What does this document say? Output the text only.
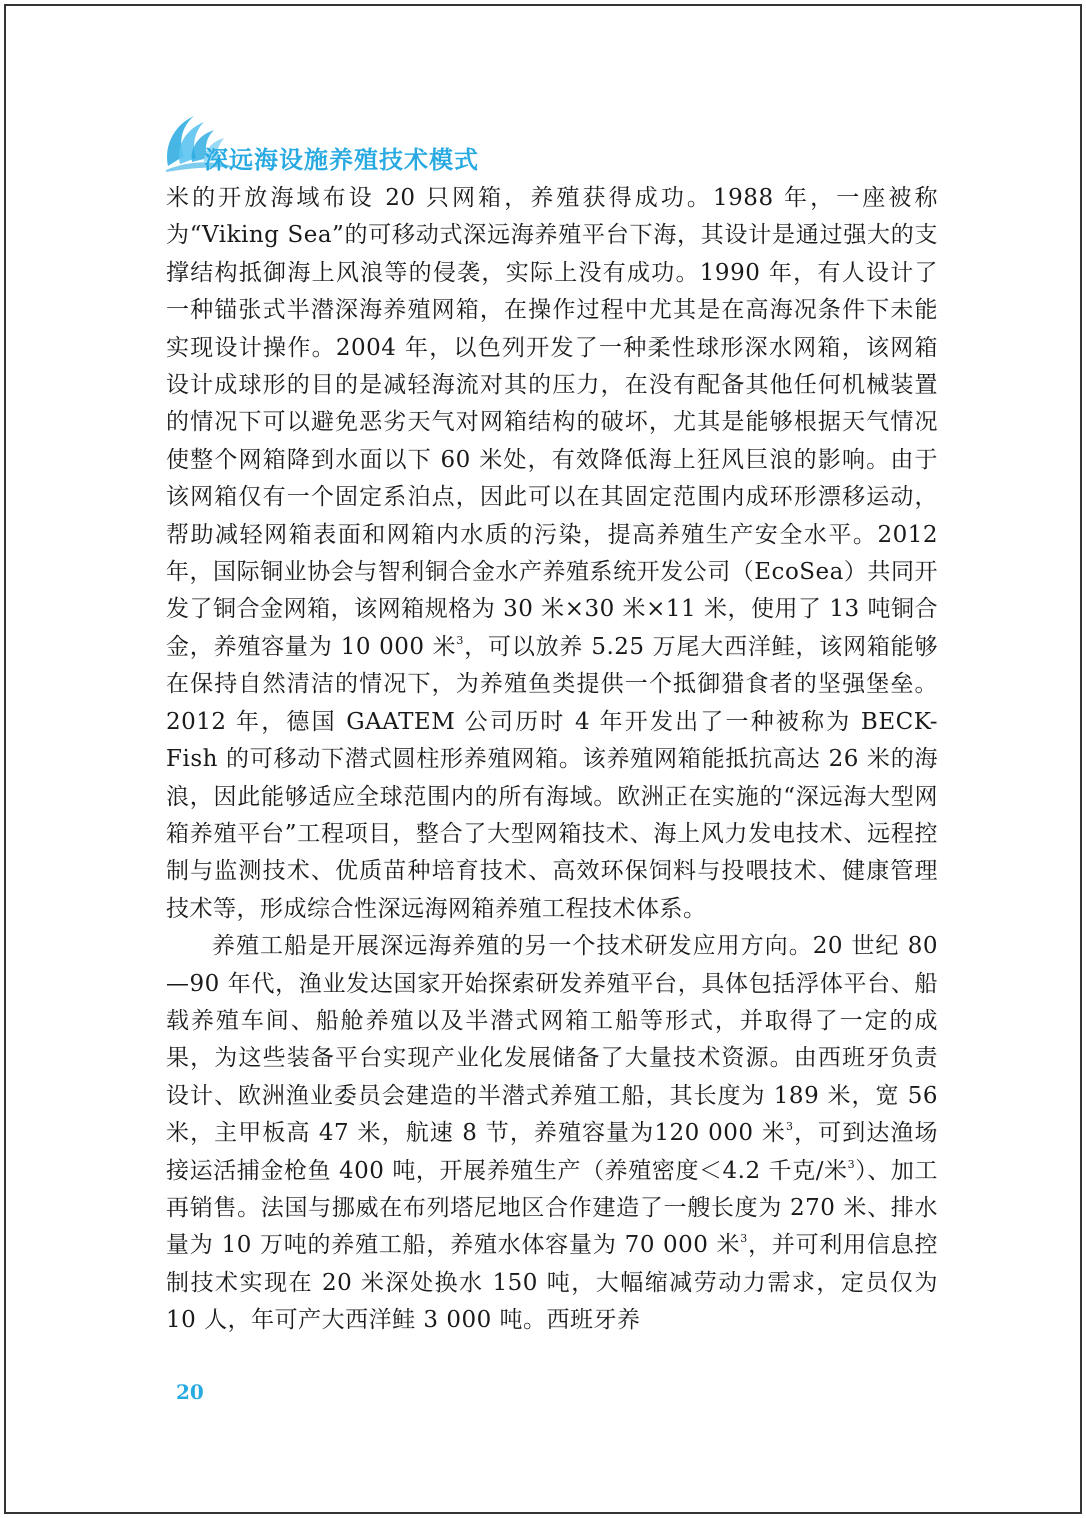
深远海设施养殖技术模式

米的开放海域布设 20 只网箱，养殖获得成功。1988 年，一座被称为“Viking Sea”的可移动式深远海养殖平台下海，其设计是通过强大的支撑结构抵御海上风浪等的侵袭，实际上没有成功。1990 年，有人设计了一种锚张式半潜深海养殖网箱，在操作过程中尤其是在高海况条件下未能实现设计操作。2004 年，以色列开发了一种柔性球形深水网箱，该网箱设计成球形的目的是减轻海流对其的压力，在没有配备其他任何机械装置的情况下可以避免恶劣天气对网箱结构的破坏，尤其是能够根据天气情况使整个网箱降到水面以下 60 米处，有效降低海上狂风巨浪的影响。由于该网箱仅有一个固定系泊点，因此可以在其固定范围内成环形漂移运动，帮助减轻网箱表面和网箱内水质的污染，提高养殖生产安全水平。2012 年，国际铜业协会与智利铜合金水产养殖系统开发公司（EcoSea）共同开发了铜合金网箱，该网箱规格为 30 米×30 米×11 米，使用了 13 吨铜合金，养殖容量为 10 000 米$^3$，可以放养 5.25 万尾大西洋鲑，该网箱能够在保持自然清洁的情况下，为养殖鱼类提供一个抵御猎食者的坚强堡垒。2012 年，德国 GAATEM 公司历时 4 年开发出了一种被称为 BECK-Fish 的可移动下潜式圆柱形养殖网箱。该养殖网箱能抵抗高达 26 米的海浪，因此能够适应全球范围内的所有海域。欧洲正在实施的“深远海大型网箱养殖平台”工程项目，整合了大型网箱技术、海上风力发电技术、远程控制与监测技术、优质苗种培育技术、高效环保饲料与投喂技术、健康管理技术等，形成综合性深远海网箱养殖工程技术体系。

养殖工船是开展深远海养殖的另一个技术研发应用方向。20 世纪 80—90 年代，渔业发达国家开始探索研发养殖平台，具体包括浮体平台、船载养殖车间、船舱养殖以及半潜式网箱工船等形式，并取得了一定的成果，为这些装备平台实现产业化发展储备了大量技术资源。由西班牙负责设计、欧洲渔业委员会建造的半潜式养殖工船，其长度为 189 米，宽 56 米，主甲板高 47 米，航速 8 节，养殖容量为120 000 米$^3$，可到达渔场接运活捕金枪鱼 400 吨，开展养殖生产（养殖密度＜4.2 千克/米$^3$）、加工再销售。法国与挪威在布列塔尼地区合作建造了一艘长度为 270 米、排水量为 10 万吨的养殖工船，养殖水体容量为 70 000 米$^3$，并可利用信息控制技术实现在 20 米深处换水 150 吨，大幅缩减劳动力需求，定员仅为 10 人，年可产大西洋鲑 3 000 吨。西班牙养

20
